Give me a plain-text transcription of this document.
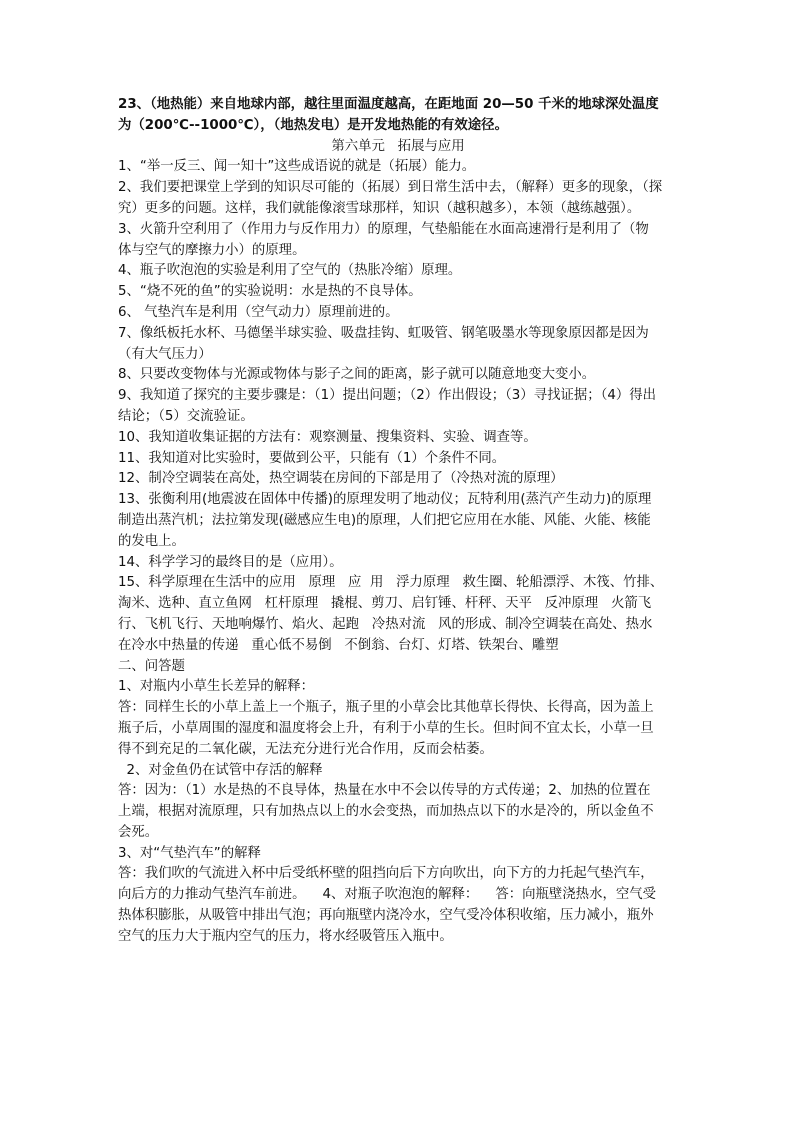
23、（地热能）来自地球内部，越往里面温度越高，在距地面 20—50 千米的地球深处温度
为（200℃--1000℃），（地热发电）是开发地热能的有效途径。
第六单元   拓展与应用
1、“举一反三、闻一知十”这些成语说的就是（拓展）能力。
2、我们要把课堂上学到的知识尽可能的（拓展）到日常生活中去，（解释）更多的现象，（探
究）更多的问题。这样，我们就能像滚雪球那样，知识（越积越多），本领（越练越强）。
3、火箭升空利用了（作用力与反作用力）的原理，气垫船能在水面高速滑行是利用了（物
体与空气的摩擦力小）的原理。
4、瓶子吹泡泡的实验是利用了空气的（热胀冷缩）原理。
5、“烧不死的鱼”的实验说明：水是热的不良导体。
6、 气垫汽车是利用（空气动力）原理前进的。
7、像纸板托水杯、马德堡半球实验、吸盘挂钩、虹吸管、钢笔吸墨水等现象原因都是因为
（有大气压力）
8、只要改变物体与光源或物体与影子之间的距离，影子就可以随意地变大变小。
9、我知道了探究的主要步骤是：（1）提出问题；（2）作出假设；（3）寻找证据；（4）得出
结论；（5）交流验证。
10、我知道收集证据的方法有：观察测量、搜集资料、实验、调查等。
11、我知道对比实验时，要做到公平，只能有（1）个条件不同。
12、制冷空调装在高处，热空调装在房间的下部是用了（冷热对流的原理）
13、张衡利用(地震波在固体中传播)的原理发明了地动仪；瓦特利用(蒸汽产生动力)的原理
制造出蒸汽机；法拉第发现(磁感应生电)的原理，人们把它应用在水能、风能、火能、核能
的发电上。
14、科学学习的最终目的是（应用）。
15、科学原理在生活中的应用   原理   应  用   浮力原理   救生圈、轮船漂浮、木筏、竹排、
淘米、选种、直立鱼网   杠杆原理   撬棍、剪刀、启钉锤、杆秤、天平   反冲原理   火箭飞
行、飞机飞行、天地响爆竹、焰火、起跑   冷热对流   风的形成、制冷空调装在高处、热水
在冷水中热量的传递   重心低不易倒   不倒翁、台灯、灯塔、铁架台、雕塑
二、问答题
1、对瓶内小草生长差异的解释：
答：同样生长的小草上盖上一个瓶子，瓶子里的小草会比其他草长得快、长得高，因为盖上
瓶子后，小草周围的湿度和温度将会上升，有利于小草的生长。但时间不宜太长，小草一旦
得不到充足的二氧化碳，无法充分进行光合作用，反而会枯萎。
2、对金鱼仍在试管中存活的解释
答：因为：（1）水是热的不良导体，热量在水中不会以传导的方式传递；2、加热的位置在
上端，根据对流原理，只有加热点以上的水会变热，而加热点以下的水是冷的，所以金鱼不
会死。
3、对“气垫汽车”的解释
答：我们吹的气流进入杯中后受纸杯壁的阻挡向后下方向吹出，向下方的力托起气垫汽车，
向后方的力推动气垫汽车前进。    4、对瓶子吹泡泡的解释：    答：向瓶壁浇热水，空气受
热体积膨胀，从吸管中排出气泡；再向瓶壁内浇冷水，空气受冷体积收缩，压力减小，瓶外
空气的压力大于瓶内空气的压力，将水经吸管压入瓶中。
